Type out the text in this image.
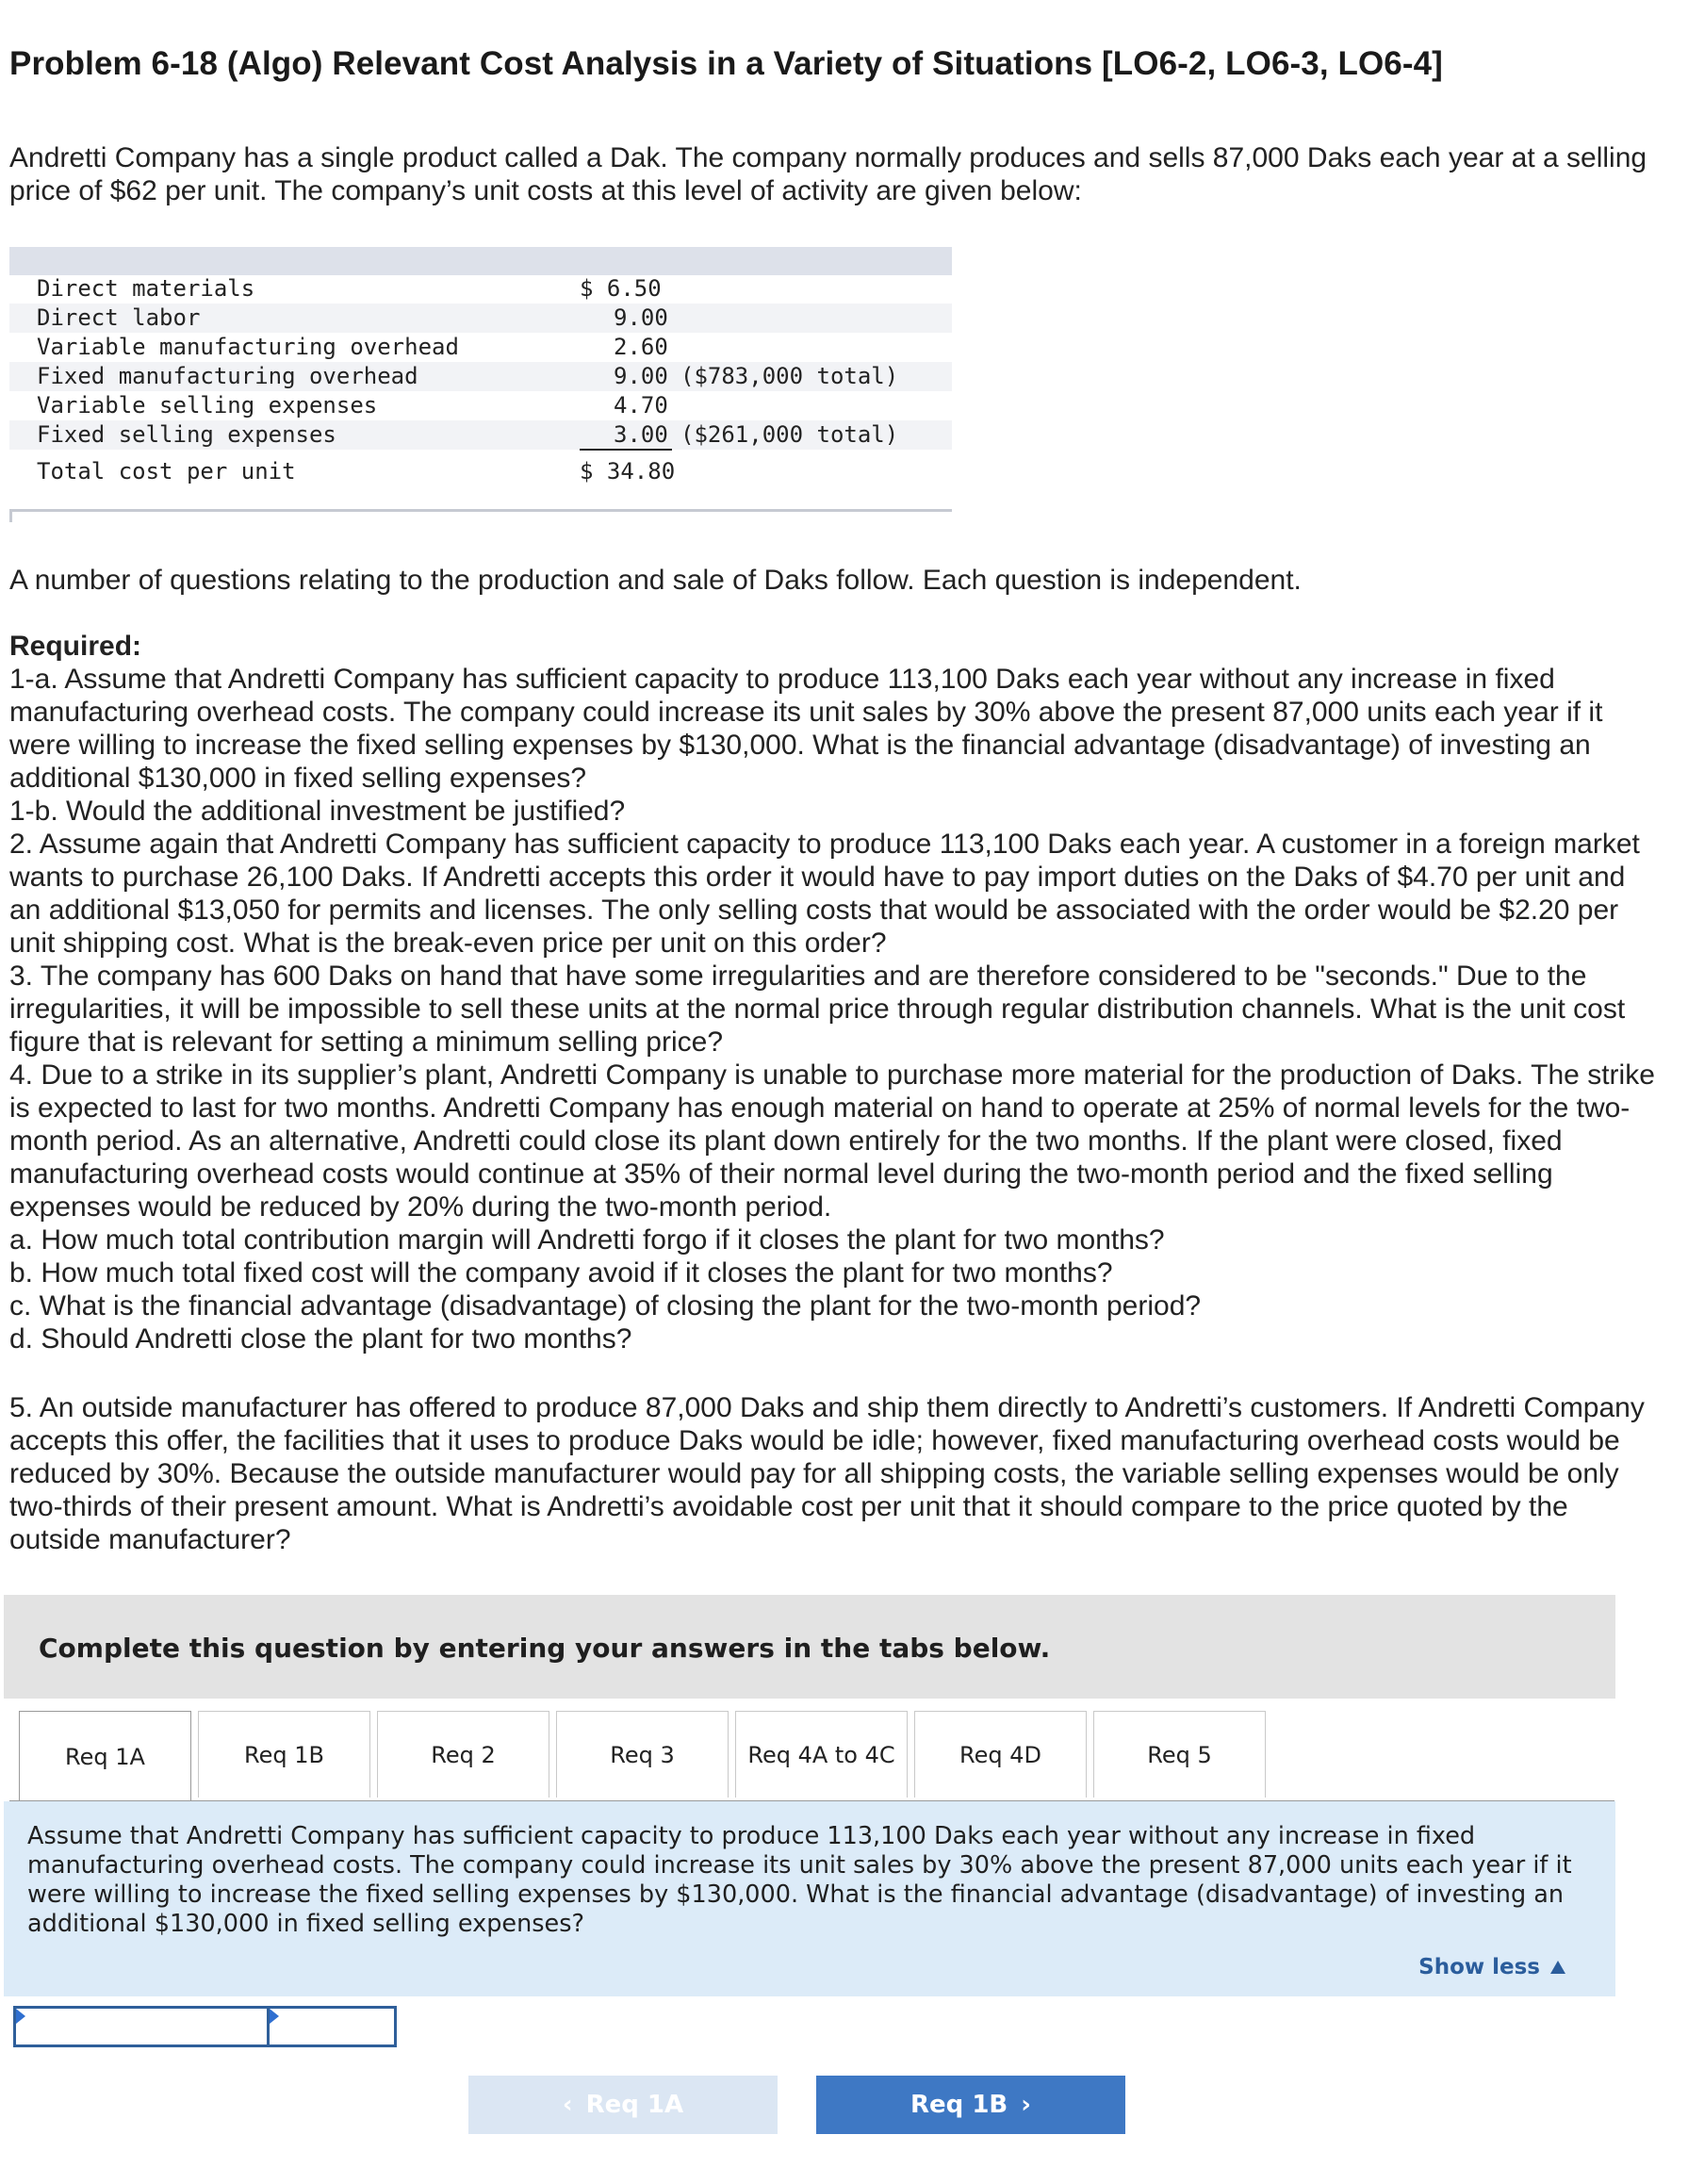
Problem 6-18 (Algo) Relevant Cost Analysis in a Variety of Situations [LO6-2, LO6-3, LO6-4]

Andretti Company has a single product called a Dak. The company normally produces and sells 87,000 Daks each year at a selling price of $62 per unit. The company’s unit costs at this level of activity are given below:

Direct materials	$ 6.50
Direct labor	9.00
Variable manufacturing overhead	2.60
Fixed manufacturing overhead	9.00 ($783,000 total)
Variable selling expenses	4.70
Fixed selling expenses	3.00 ($261,000 total)
Total cost per unit	$ 34.80

A number of questions relating to the production and sale of Daks follow. Each question is independent.

Required:

1-a. Assume that Andretti Company has sufficient capacity to produce 113,100 Daks each year without any increase in fixed manufacturing overhead costs. The company could increase its unit sales by 30% above the present 87,000 units each year if it were willing to increase the fixed selling expenses by $130,000. What is the financial advantage (disadvantage) of investing an additional $130,000 in fixed selling expenses?
1-b. Would the additional investment be justified?
2. Assume again that Andretti Company has sufficient capacity to produce 113,100 Daks each year. A customer in a foreign market wants to purchase 26,100 Daks. If Andretti accepts this order it would have to pay import duties on the Daks of $4.70 per unit and an additional $13,050 for permits and licenses. The only selling costs that would be associated with the order would be $2.20 per unit shipping cost. What is the break-even price per unit on this order?
3. The company has 600 Daks on hand that have some irregularities and are therefore considered to be "seconds." Due to the irregularities, it will be impossible to sell these units at the normal price through regular distribution channels. What is the unit cost figure that is relevant for setting a minimum selling price?
4. Due to a strike in its supplier’s plant, Andretti Company is unable to purchase more material for the production of Daks. The strike is expected to last for two months. Andretti Company has enough material on hand to operate at 25% of normal levels for the two-month period. As an alternative, Andretti could close its plant down entirely for the two months. If the plant were closed, fixed manufacturing overhead costs would continue at 35% of their normal level during the two-month period and the fixed selling expenses would be reduced by 20% during the two-month period.
a. How much total contribution margin will Andretti forgo if it closes the plant for two months?
b. How much total fixed cost will the company avoid if it closes the plant for two months?
c. What is the financial advantage (disadvantage) of closing the plant for the two-month period?
d. Should Andretti close the plant for two months?

5. An outside manufacturer has offered to produce 87,000 Daks and ship them directly to Andretti’s customers. If Andretti Company accepts this offer, the facilities that it uses to produce Daks would be idle; however, fixed manufacturing overhead costs would be reduced by 30%. Because the outside manufacturer would pay for all shipping costs, the variable selling expenses would be only two-thirds of their present amount. What is Andretti’s avoidable cost per unit that it should compare to the price quoted by the outside manufacturer?

Complete this question by entering your answers in the tabs below.
Req 1A	Req 1B	Req 2	Req 3	Req 4A to 4C	Req 4D	Req 5

Assume that Andretti Company has sufficient capacity to produce 113,100 Daks each year without any increase in fixed manufacturing overhead costs. The company could increase its unit sales by 30% above the present 87,000 units each year if it were willing to increase the fixed selling expenses by $130,000. What is the financial advantage (disadvantage) of investing an additional $130,000 in fixed selling expenses?

Show less
‹ Req 1A	Req 1B ›
